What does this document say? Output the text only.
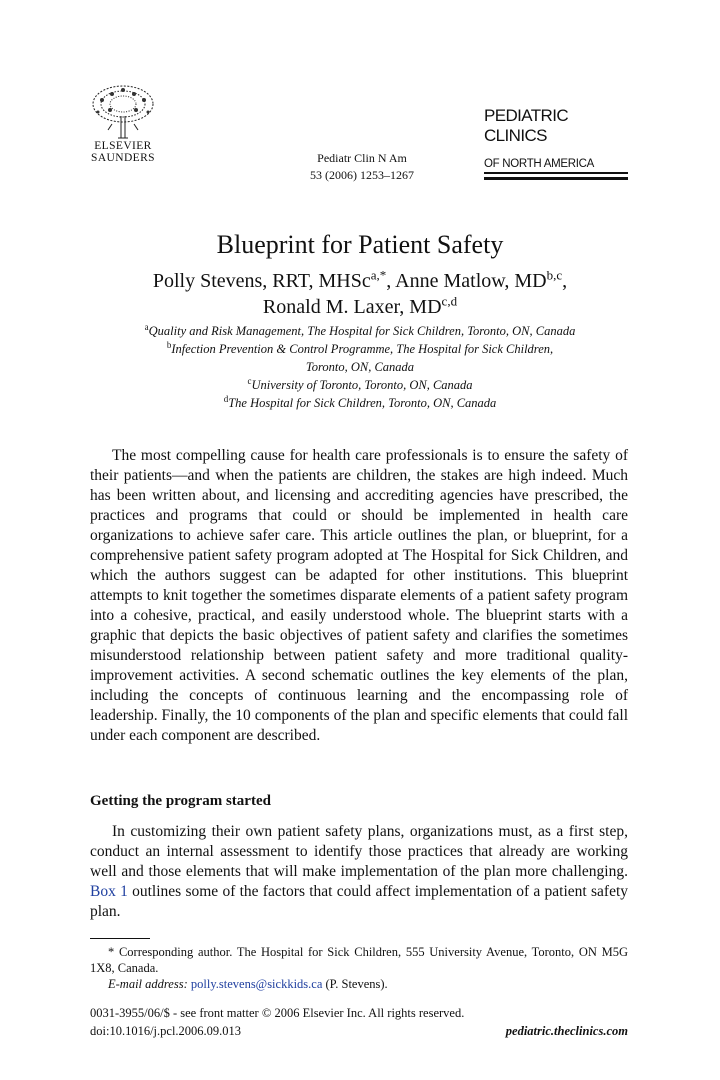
ELSEVIER
SAUNDERS	Pediatr Clin N Am
53 (2006) 1253–1267
PEDIATRIC CLINICS
OF NORTH AMERICA
Blueprint for Patient Safety
Polly Stevens, RRT, MHSc$^{a,*}$, Anne Matlow, MD$^{b,c}$,
Ronald M. Laxer, MD$^{c,d}$
$^a$Quality and Risk Management, The Hospital for Sick Children, Toronto, ON, Canada
$^b$Infection Prevention & Control Programme, The Hospital for Sick Children,
Toronto, ON, Canada
$^c$University of Toronto, Toronto, ON, Canada
$^d$The Hospital for Sick Children, Toronto, ON, Canada
The most compelling cause for health care professionals is to ensure the safety of their patients—and when the patients are children, the stakes are high indeed. Much has been written about, and licensing and accrediting agencies have prescribed, the practices and programs that could or should be implemented in health care organizations to achieve safer care. This article outlines the plan, or blueprint, for a comprehensive patient safety program adopted at The Hospital for Sick Children, and which the authors suggest can be adapted for other institutions. This blueprint attempts to knit together the sometimes disparate elements of a patient safety program into a cohesive, practical, and easily understood whole. The blueprint starts with a graphic that depicts the basic objectives of patient safety and clarifies the sometimes misunderstood relationship between patient safety and more traditional quality-improvement activities. A second schematic outlines the key elements of the plan, including the concepts of continuous learning and the encompassing role of leadership. Finally, the 10 components of the plan and specific elements that could fall under each component are described.
Getting the program started
In customizing their own patient safety plans, organizations must, as a first step, conduct an internal assessment to identify those practices that already are working well and those elements that will make implementation of the plan more challenging. Box 1 outlines some of the factors that could affect implementation of a patient safety plan.
* Corresponding author. The Hospital for Sick Children, 555 University Avenue, Toronto, ON M5G 1X8, Canada.
E-mail address: polly.stevens@sickkids.ca (P. Stevens).
0031-3955/06/$ - see front matter © 2006 Elsevier Inc. All rights reserved.
doi:10.1016/j.pcl.2006.09.013	pediatric.theclinics.com
